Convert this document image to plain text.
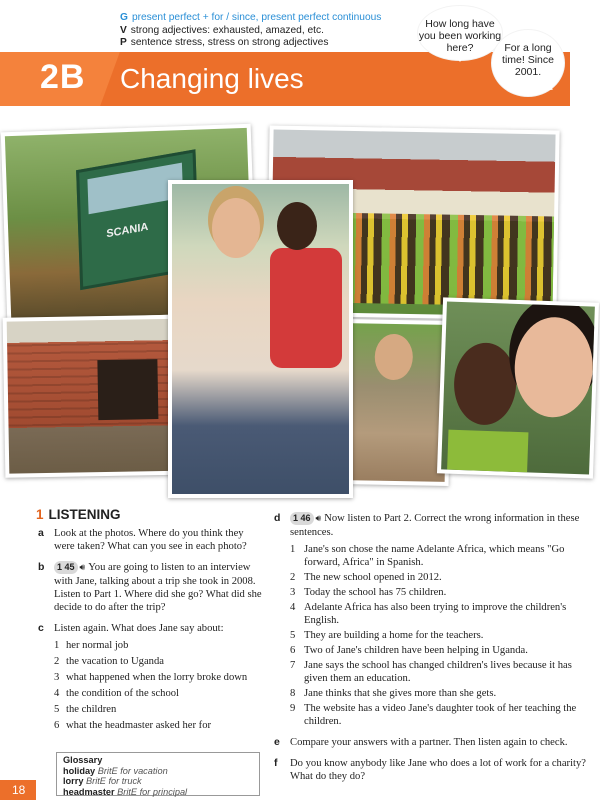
G present perfect + for / since, present perfect continuous
V strong adjectives: exhausted, amazed, etc.
P sentence stress, stress on strong adjectives
2B Changing lives
How long have you been working here?	For a long time! Since 2001.
SCANIA
1 LISTENING
a Look at the photos. Where do you think they were taken? What can you see in each photo?
b 1 45 🔊︎ You are going to listen to an interview with Jane, talking about a trip she took in 2008. Listen to Part 1. Where did she go? What did she decide to do after the trip?
c Listen again. What does Jane say about:
1 her normal job
2 the vacation to Uganda
3 what happened when the lorry broke down
4 the condition of the school
5 the children
6 what the headmaster asked her for
Glossary
holiday BritE for vacation
lorry BritE for truck
headmaster BritE for principal
d 1 46 🔊︎ Now listen to Part 2. Correct the wrong information in these sentences.
1 Jane's son chose the name Adelante Africa, which means "Go forward, Africa" in Spanish.
2 The new school opened in 2012.
3 Today the school has 75 children.
4 Adelante Africa has also been trying to improve the children's English.
5 They are building a home for the teachers.
6 Two of Jane's children have been helping in Uganda.
7 Jane says the school has changed children's lives because it has given them an education.
8 Jane thinks that she gives more than she gets.
9 The website has a video Jane's daughter took of her teaching the children.
e Compare your answers with a partner. Then listen again to check.
f Do you know anybody like Jane who does a lot of work for a charity? What do they do?
18
